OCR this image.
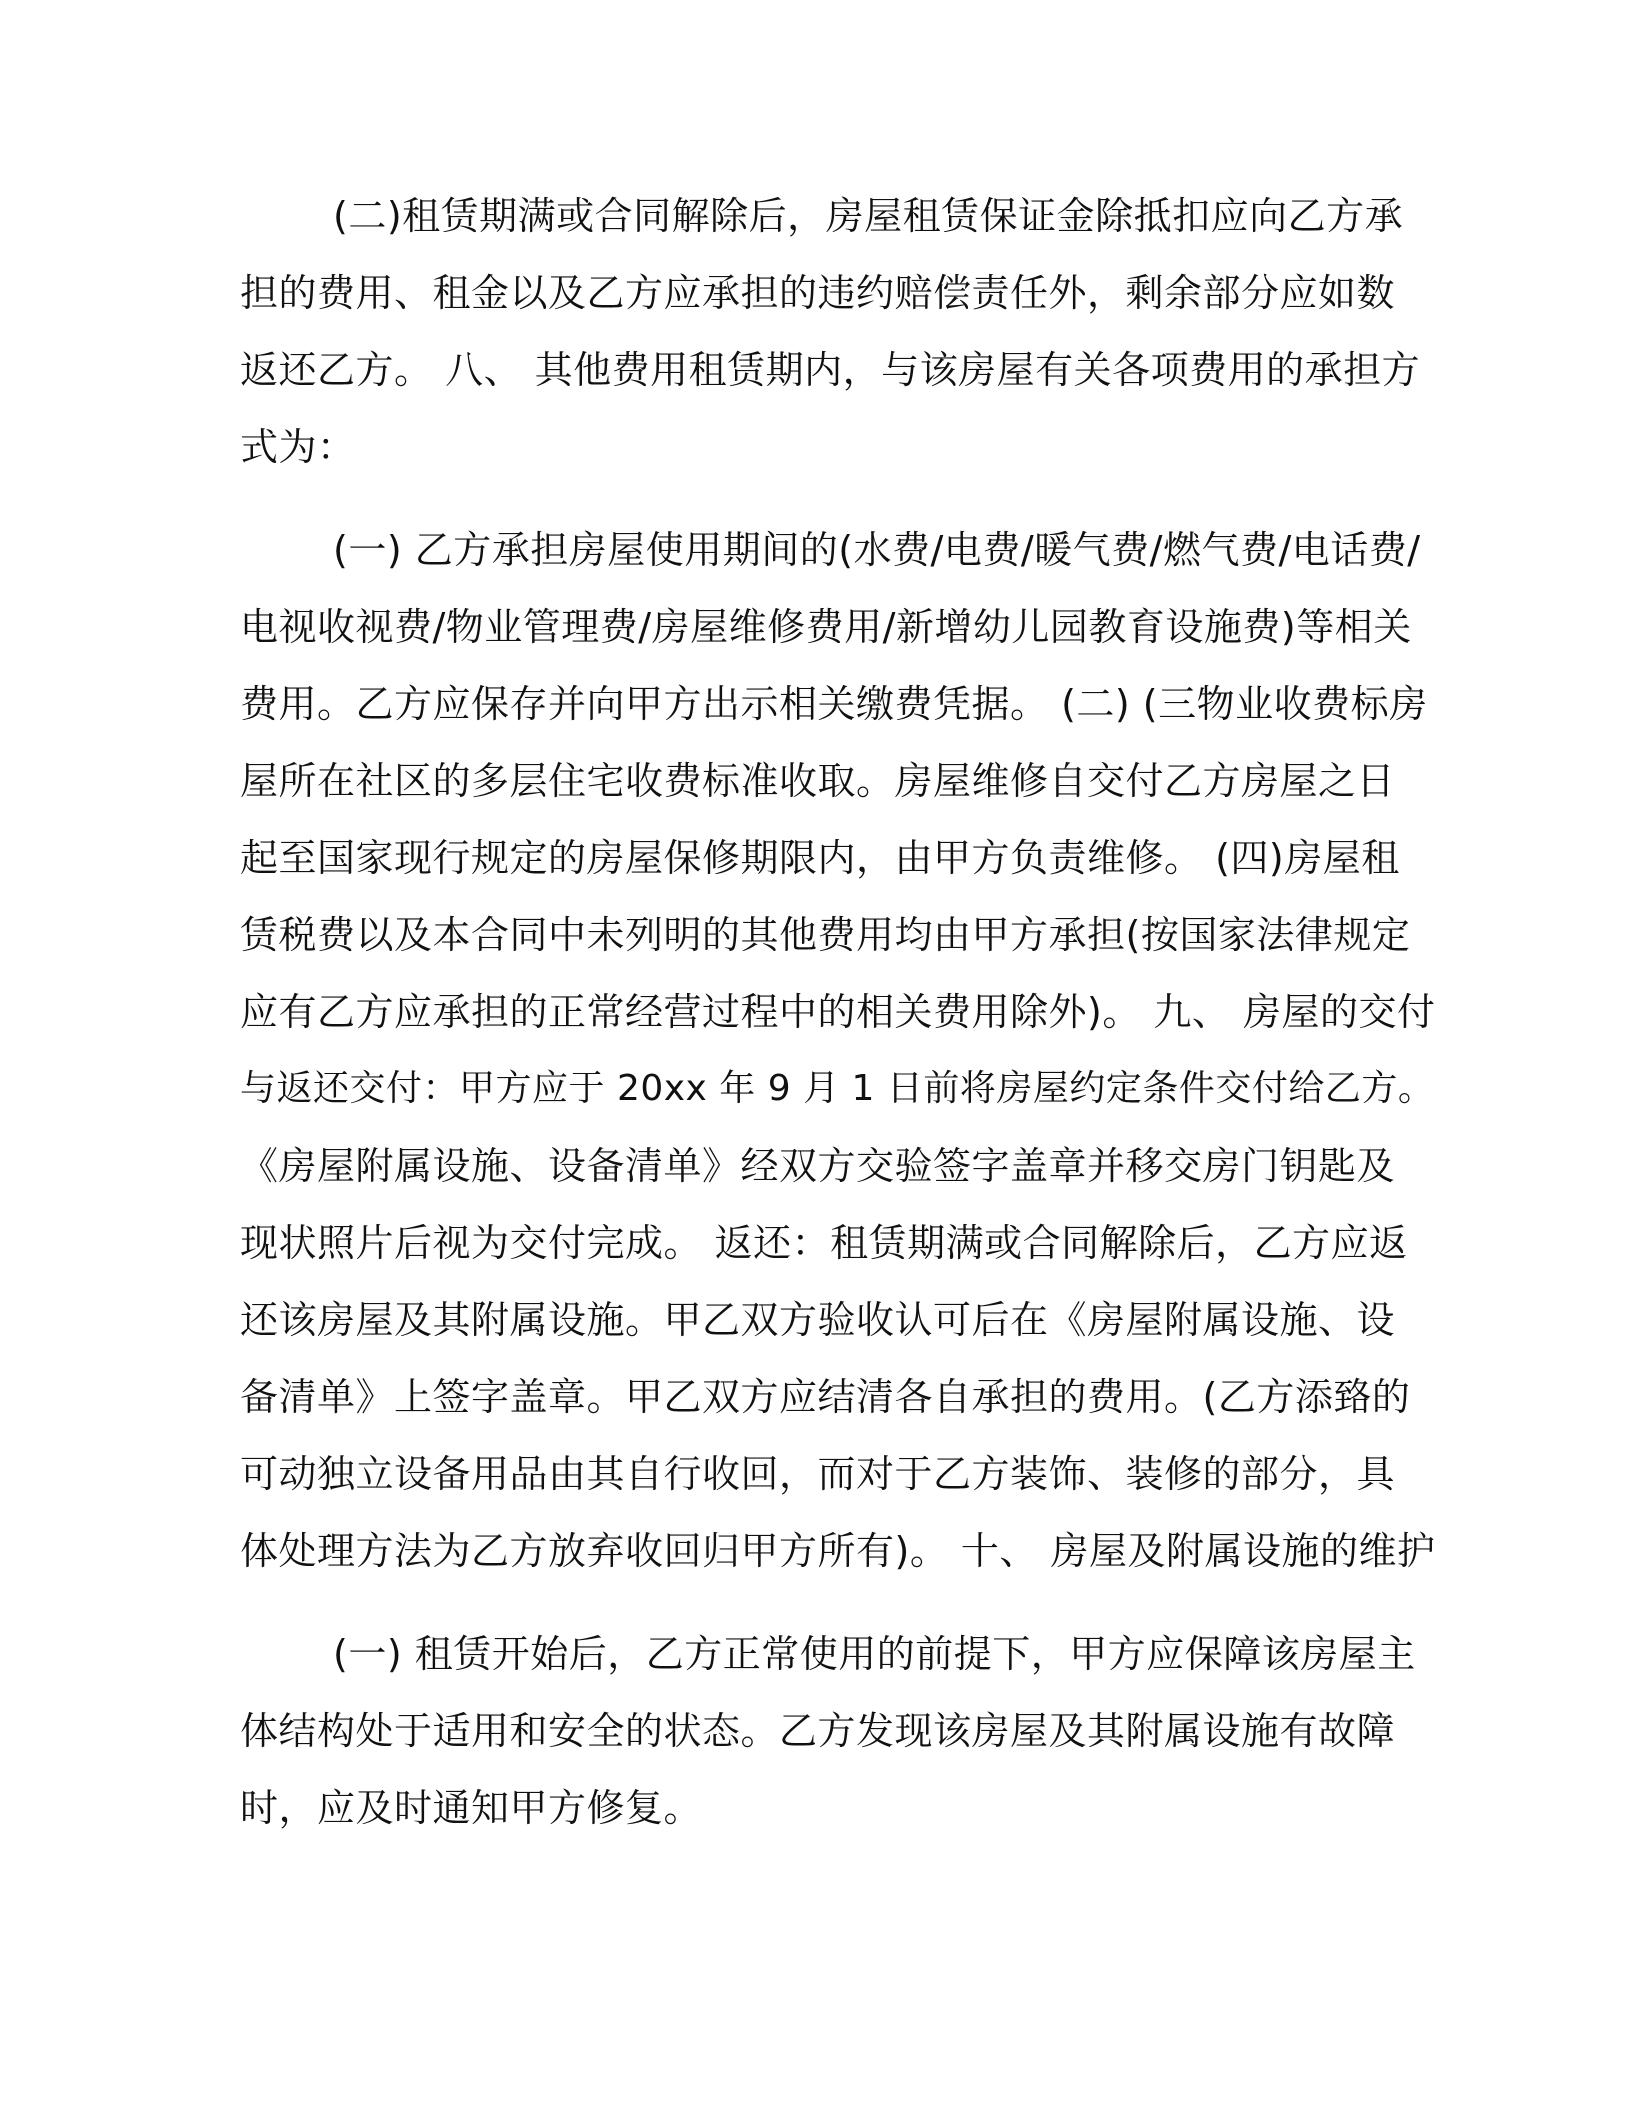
(二)租赁期满或合同解除后，房屋租赁保证金除抵扣应向乙方承
担的费用、租金以及乙方应承担的违约赔偿责任外，剩余部分应如数
返还乙方。 八、 其他费用租赁期内，与该房屋有关各项费用的承担方
式为：
(一) 乙方承担房屋使用期间的(水费/电费/暖气费/燃气费/电话费/
电视收视费/物业管理费/房屋维修费用/新增幼儿园教育设施费)等相关
费用。乙方应保存并向甲方出示相关缴费凭据。 (二) (三物业收费标房
屋所在社区的多层住宅收费标准收取。房屋维修自交付乙方房屋之日
起至国家现行规定的房屋保修期限内，由甲方负责维修。 (四)房屋租
赁税费以及本合同中未列明的其他费用均由甲方承担(按国家法律规定
应有乙方应承担的正常经营过程中的相关费用除外)。 九、 房屋的交付
与返还交付：甲方应于 20xx 年 9 月 1 日前将房屋约定条件交付给乙方。
《房屋附属设施、设备清单》经双方交验签字盖章并移交房门钥匙及
现状照片后视为交付完成。 返还：租赁期满或合同解除后，乙方应返
还该房屋及其附属设施。甲乙双方验收认可后在《房屋附属设施、设
备清单》上签字盖章。甲乙双方应结清各自承担的费用。(乙方添臵的
可动独立设备用品由其自行收回，而对于乙方装饰、装修的部分，具
体处理方法为乙方放弃收回归甲方所有)。 十、 房屋及附属设施的维护
(一) 租赁开始后，乙方正常使用的前提下，甲方应保障该房屋主
体结构处于适用和安全的状态。乙方发现该房屋及其附属设施有故障
时，应及时通知甲方修复。
